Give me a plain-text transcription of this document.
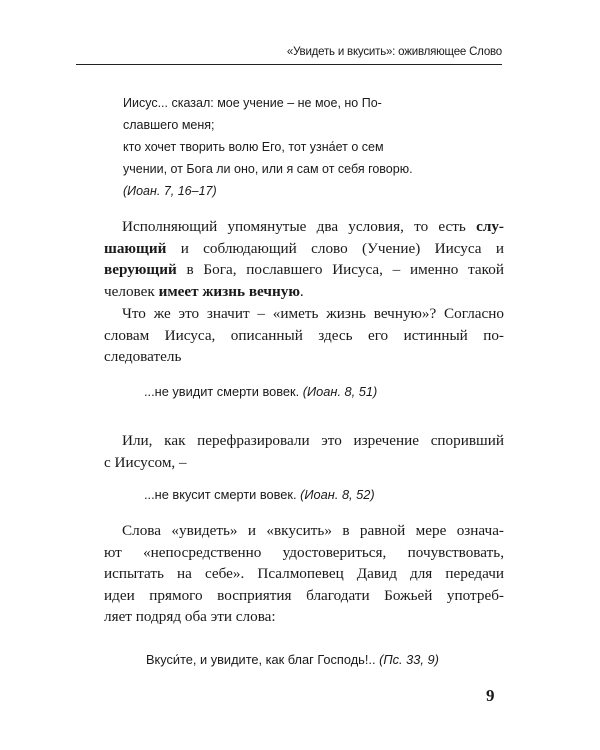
«Увидеть и вкусить»: оживляющее Слово
Иисус... сказал: мое учение – не мое, но По-
славшего меня;
кто хочет творить волю Его, тот узна́ет о сем
учении, от Бога ли оно, или я сам от себя говорю.
(Иоан. 7, 16–17)
Исполняющий упомянутые два условия, то есть слу-
шающий и соблюдающий слово (Учение) Иисуса и
верующий в Бога, пославшего Иисуса, – именно такой
человек имеет жизнь вечную.
Что же это значит – «иметь жизнь вечную»? Согласно
словам Иисуса, описанный здесь его истинный по-
следователь
...не увидит смерти вовек. (Иоан. 8, 51)
Или, как перефразировали это изречение споривший
с Иисусом, –
...не вкусит смерти вовек. (Иоан. 8, 52)
Слова «увидеть» и «вкусить» в равной мере означа-
ют «непосредственно удостовериться, почувствовать,
испытать на себе». Псалмопевец Давид для передачи
идеи прямого восприятия благодати Божьей употреб-
ляет подряд оба эти слова:
Вкуси́те, и увидите, как благ Господь!.. (Пс. 33, 9)
9
